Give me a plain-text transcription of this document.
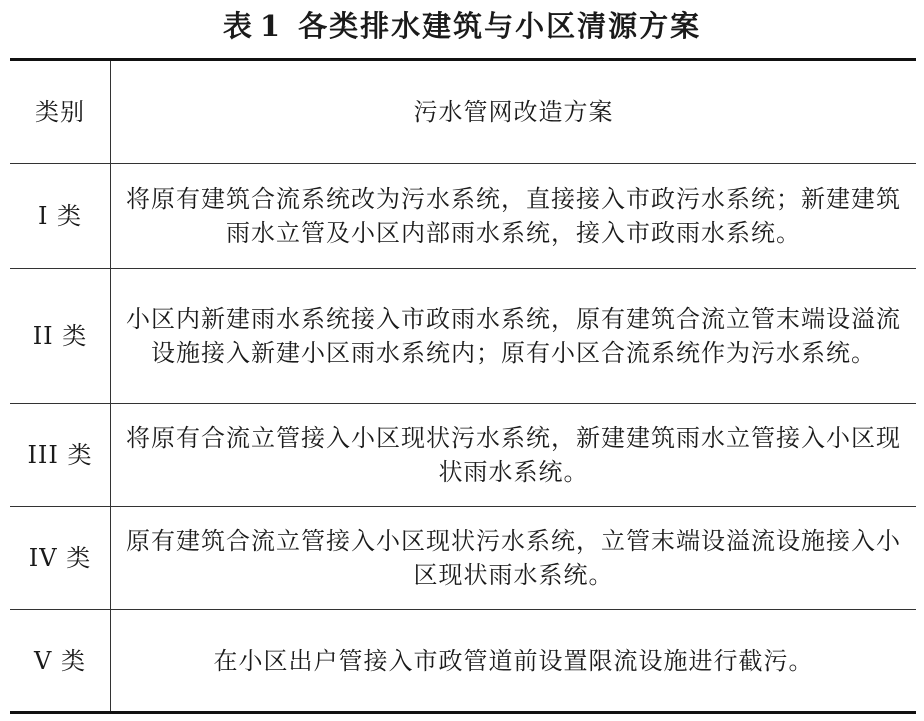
表 1 各类排水建筑与小区清源方案
类别	污水管网改造方案
I 类	将原有建筑合流系统改为污水系统，直接接入市政污水系统；新建建筑雨水立管及小区内部雨水系统，接入市政雨水系统。
II 类	小区内新建雨水系统接入市政雨水系统，原有建筑合流立管末端设溢流设施接入新建小区雨水系统内；原有小区合流系统作为污水系统。
III 类	将原有合流立管接入小区现状污水系统，新建建筑雨水立管接入小区现状雨水系统。
IV 类	原有建筑合流立管接入小区现状污水系统，立管末端设溢流设施接入小区现状雨水系统。
V 类	在小区出户管接入市政管道前设置限流设施进行截污。
